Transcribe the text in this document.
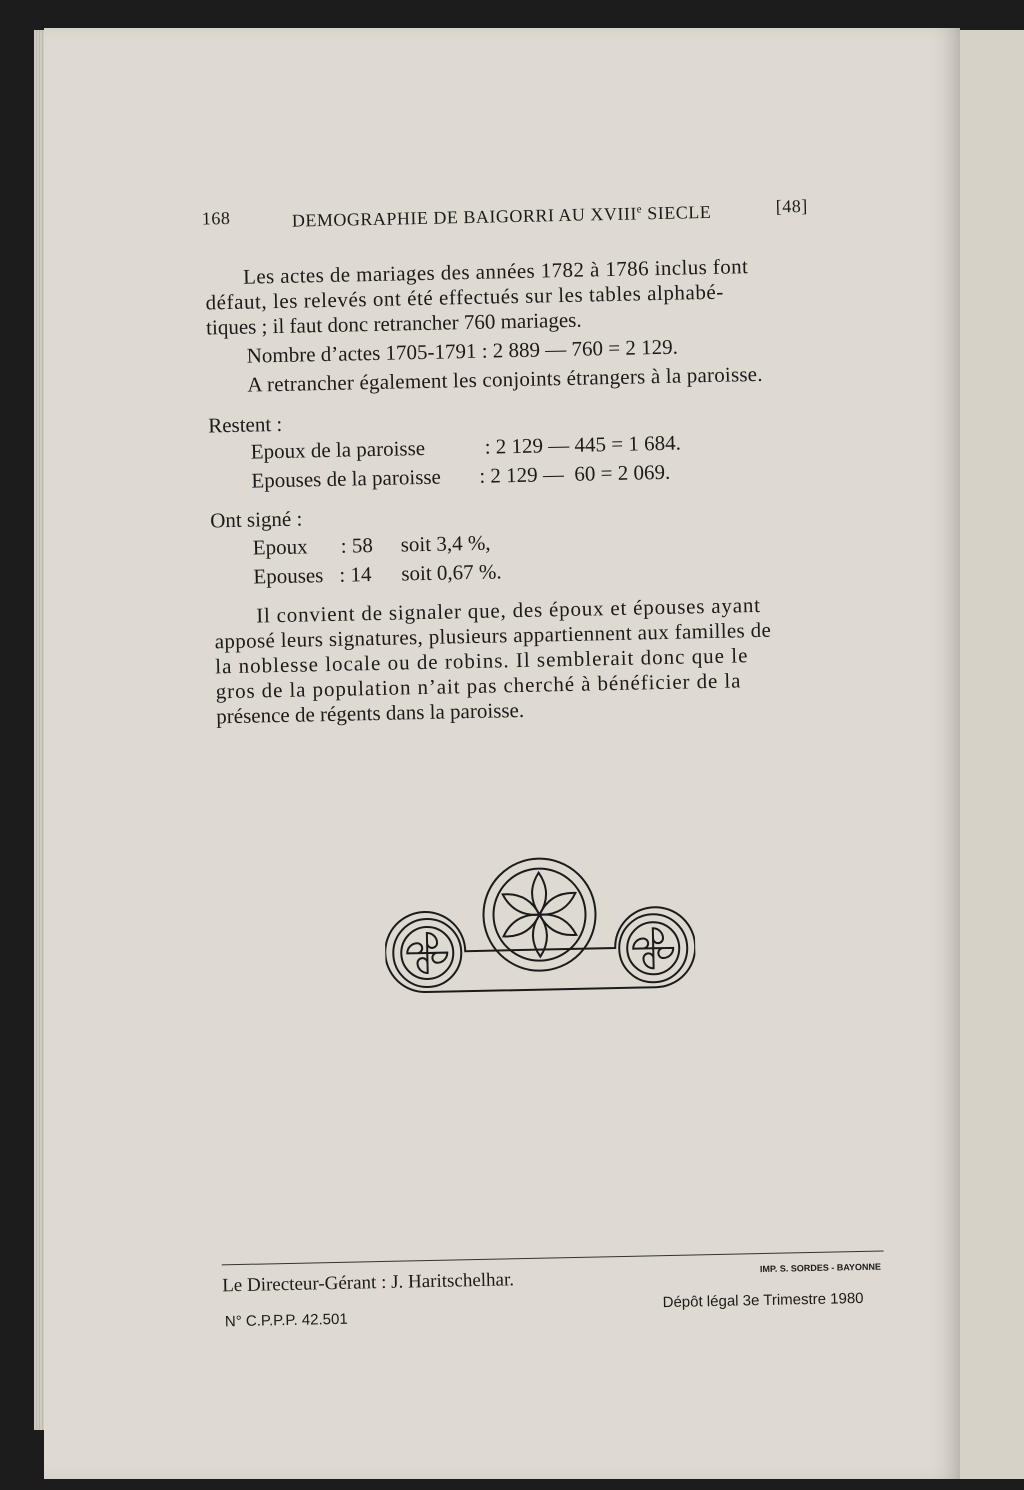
168	DEMOGRAPHIE DE BAIGORRI AU XVIIIe SIECLE	[48]
Les actes de mariages des années 1782 à 1786 inclus font
défaut, les relevés ont été effectués sur les tables alphabé-
tiques ; il faut donc retrancher 760 mariages.
Nombre d’actes 1705-1791 : 2 889 — 760 = 2 129.
A retrancher également les conjoints étrangers à la paroisse.
Restent :
Epoux de la paroisse	: 2 129 — 445 = 1 684.
Epouses de la paroisse : 2 129 —  60 = 2 069.
Ont signé :
Epoux : 58 soit 3,4 %,
Epouses : 14 soit 0,67 %.
Il convient de signaler que, des époux et épouses ayant
apposé leurs signatures, plusieurs appartiennent aux familles de
la noblesse locale ou de robins. Il semblerait donc que le
gros de la population n’ait pas cherché à bénéficier de la
présence de régents dans la paroisse.
Le Directeur-Gérant : J. Haritschelhar.
IMP. S. SORDES - BAYONNE
N° C.P.P.P. 42.501
Dépôt légal 3e Trimestre 1980
